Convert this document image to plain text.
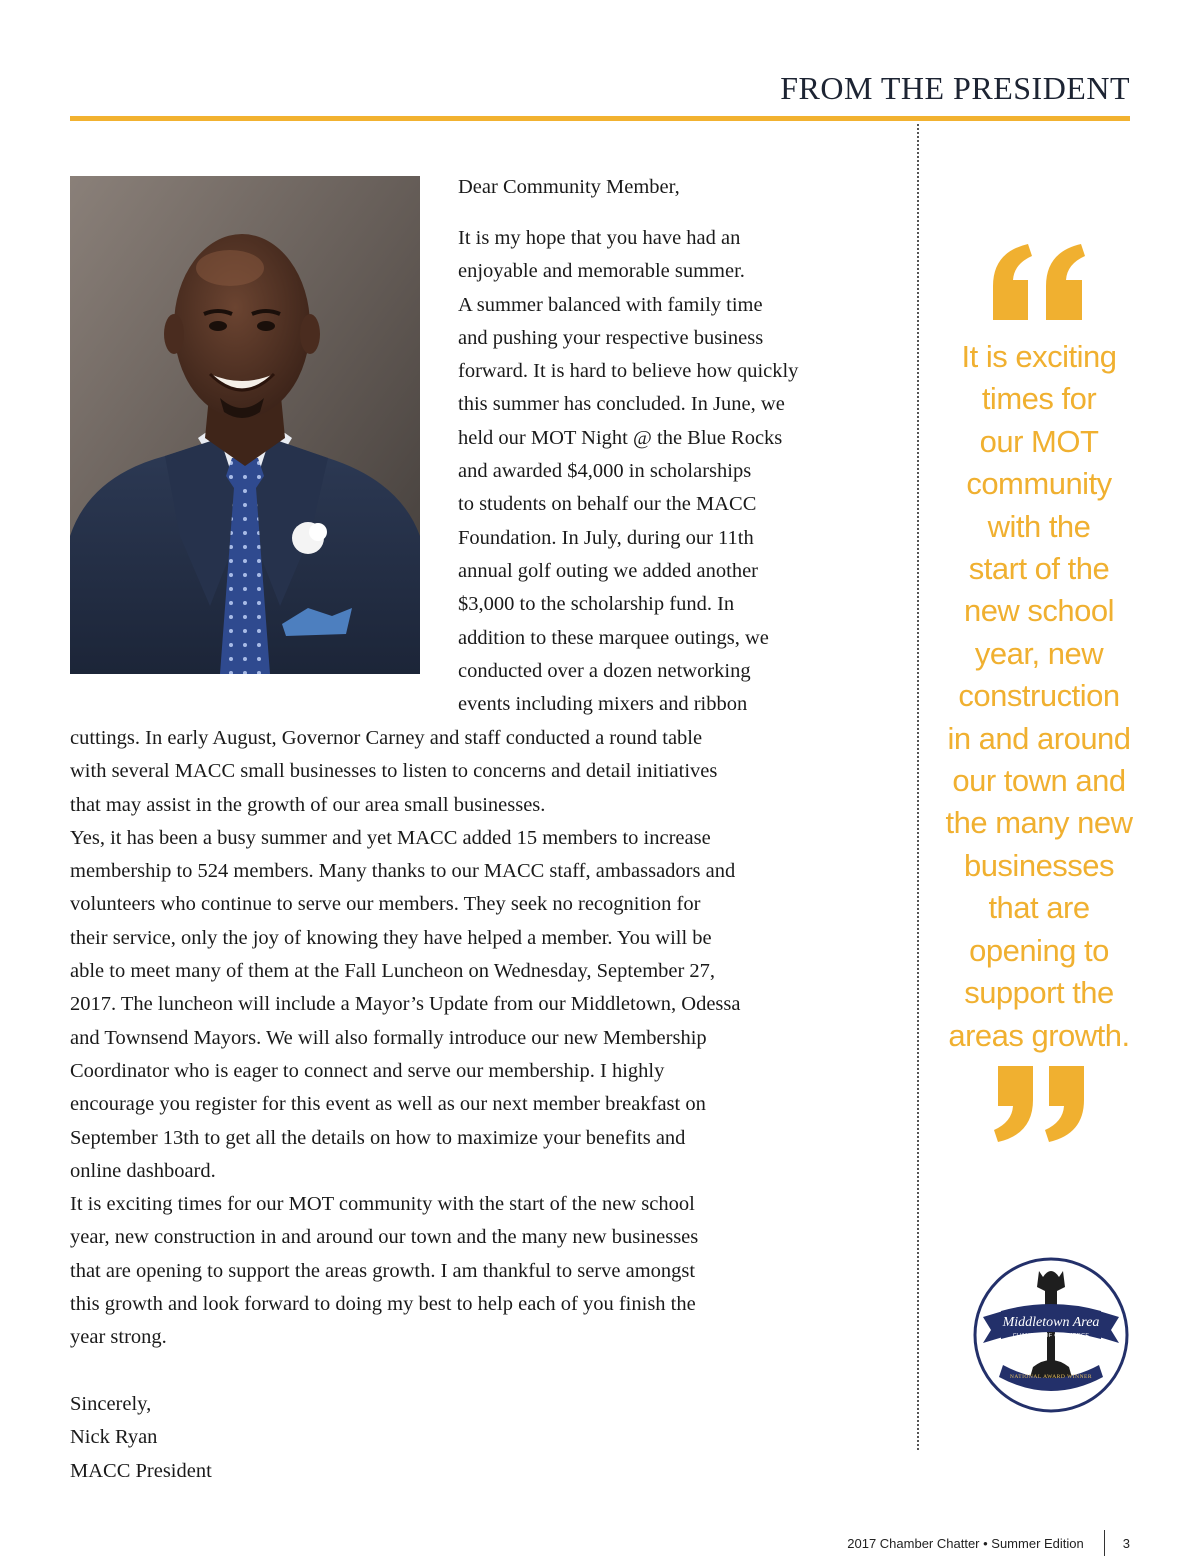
FROM THE PRESIDENT
Dear Community Member,
It is my hope that you have had an
enjoyable and memorable summer.
A summer balanced with family time
and pushing your respective business
forward. It is hard to believe how quickly
this summer has concluded. In June, we
held our MOT Night @ the Blue Rocks
and awarded $4,000 in scholarships
to students on behalf our the MACC
Foundation. In July, during our 11th
annual golf outing we added another
$3,000 to the scholarship fund. In
addition to these marquee outings, we
conducted over a dozen networking
events including mixers and ribbon
cuttings. In early August, Governor Carney and staff conducted a round table
with several MACC small businesses to listen to concerns and detail initiatives
that may assist in the growth of our area small businesses.
Yes, it has been a busy summer and yet MACC added 15 members to increase
membership to 524 members. Many thanks to our MACC staff, ambassadors and
volunteers who continue to serve our members. They seek no recognition for
their service, only the joy of knowing they have helped a member. You will be
able to meet many of them at the Fall Luncheon on Wednesday, September 27,
2017. The luncheon will include a Mayor’s Update from our Middletown, Odessa
and Townsend Mayors. We will also formally introduce our new Membership
Coordinator who is eager to connect and serve our membership. I highly
encourage you register for this event as well as our next member breakfast on
September 13th to get all the details on how to maximize your benefits and
online dashboard.
It is exciting times for our MOT community with the start of the new school
year, new construction in and around our town and the many new businesses
that are opening to support the areas growth. I am thankful to serve amongst
this growth and look forward to doing my best to help each of you finish the
year strong.
Sincerely,
Nick Ryan
MACC President
It is exciting
times for
our MOT
community
with the
start of the
new school
year, new
construction
in and around
our town and
the many new
businesses
that are
opening to
support the
areas growth.
Middletown Area
CHAMBER OF COMMERCE
NATIONAL AWARD WINNER
2017 Chamber Chatter • Summer Edition	3
